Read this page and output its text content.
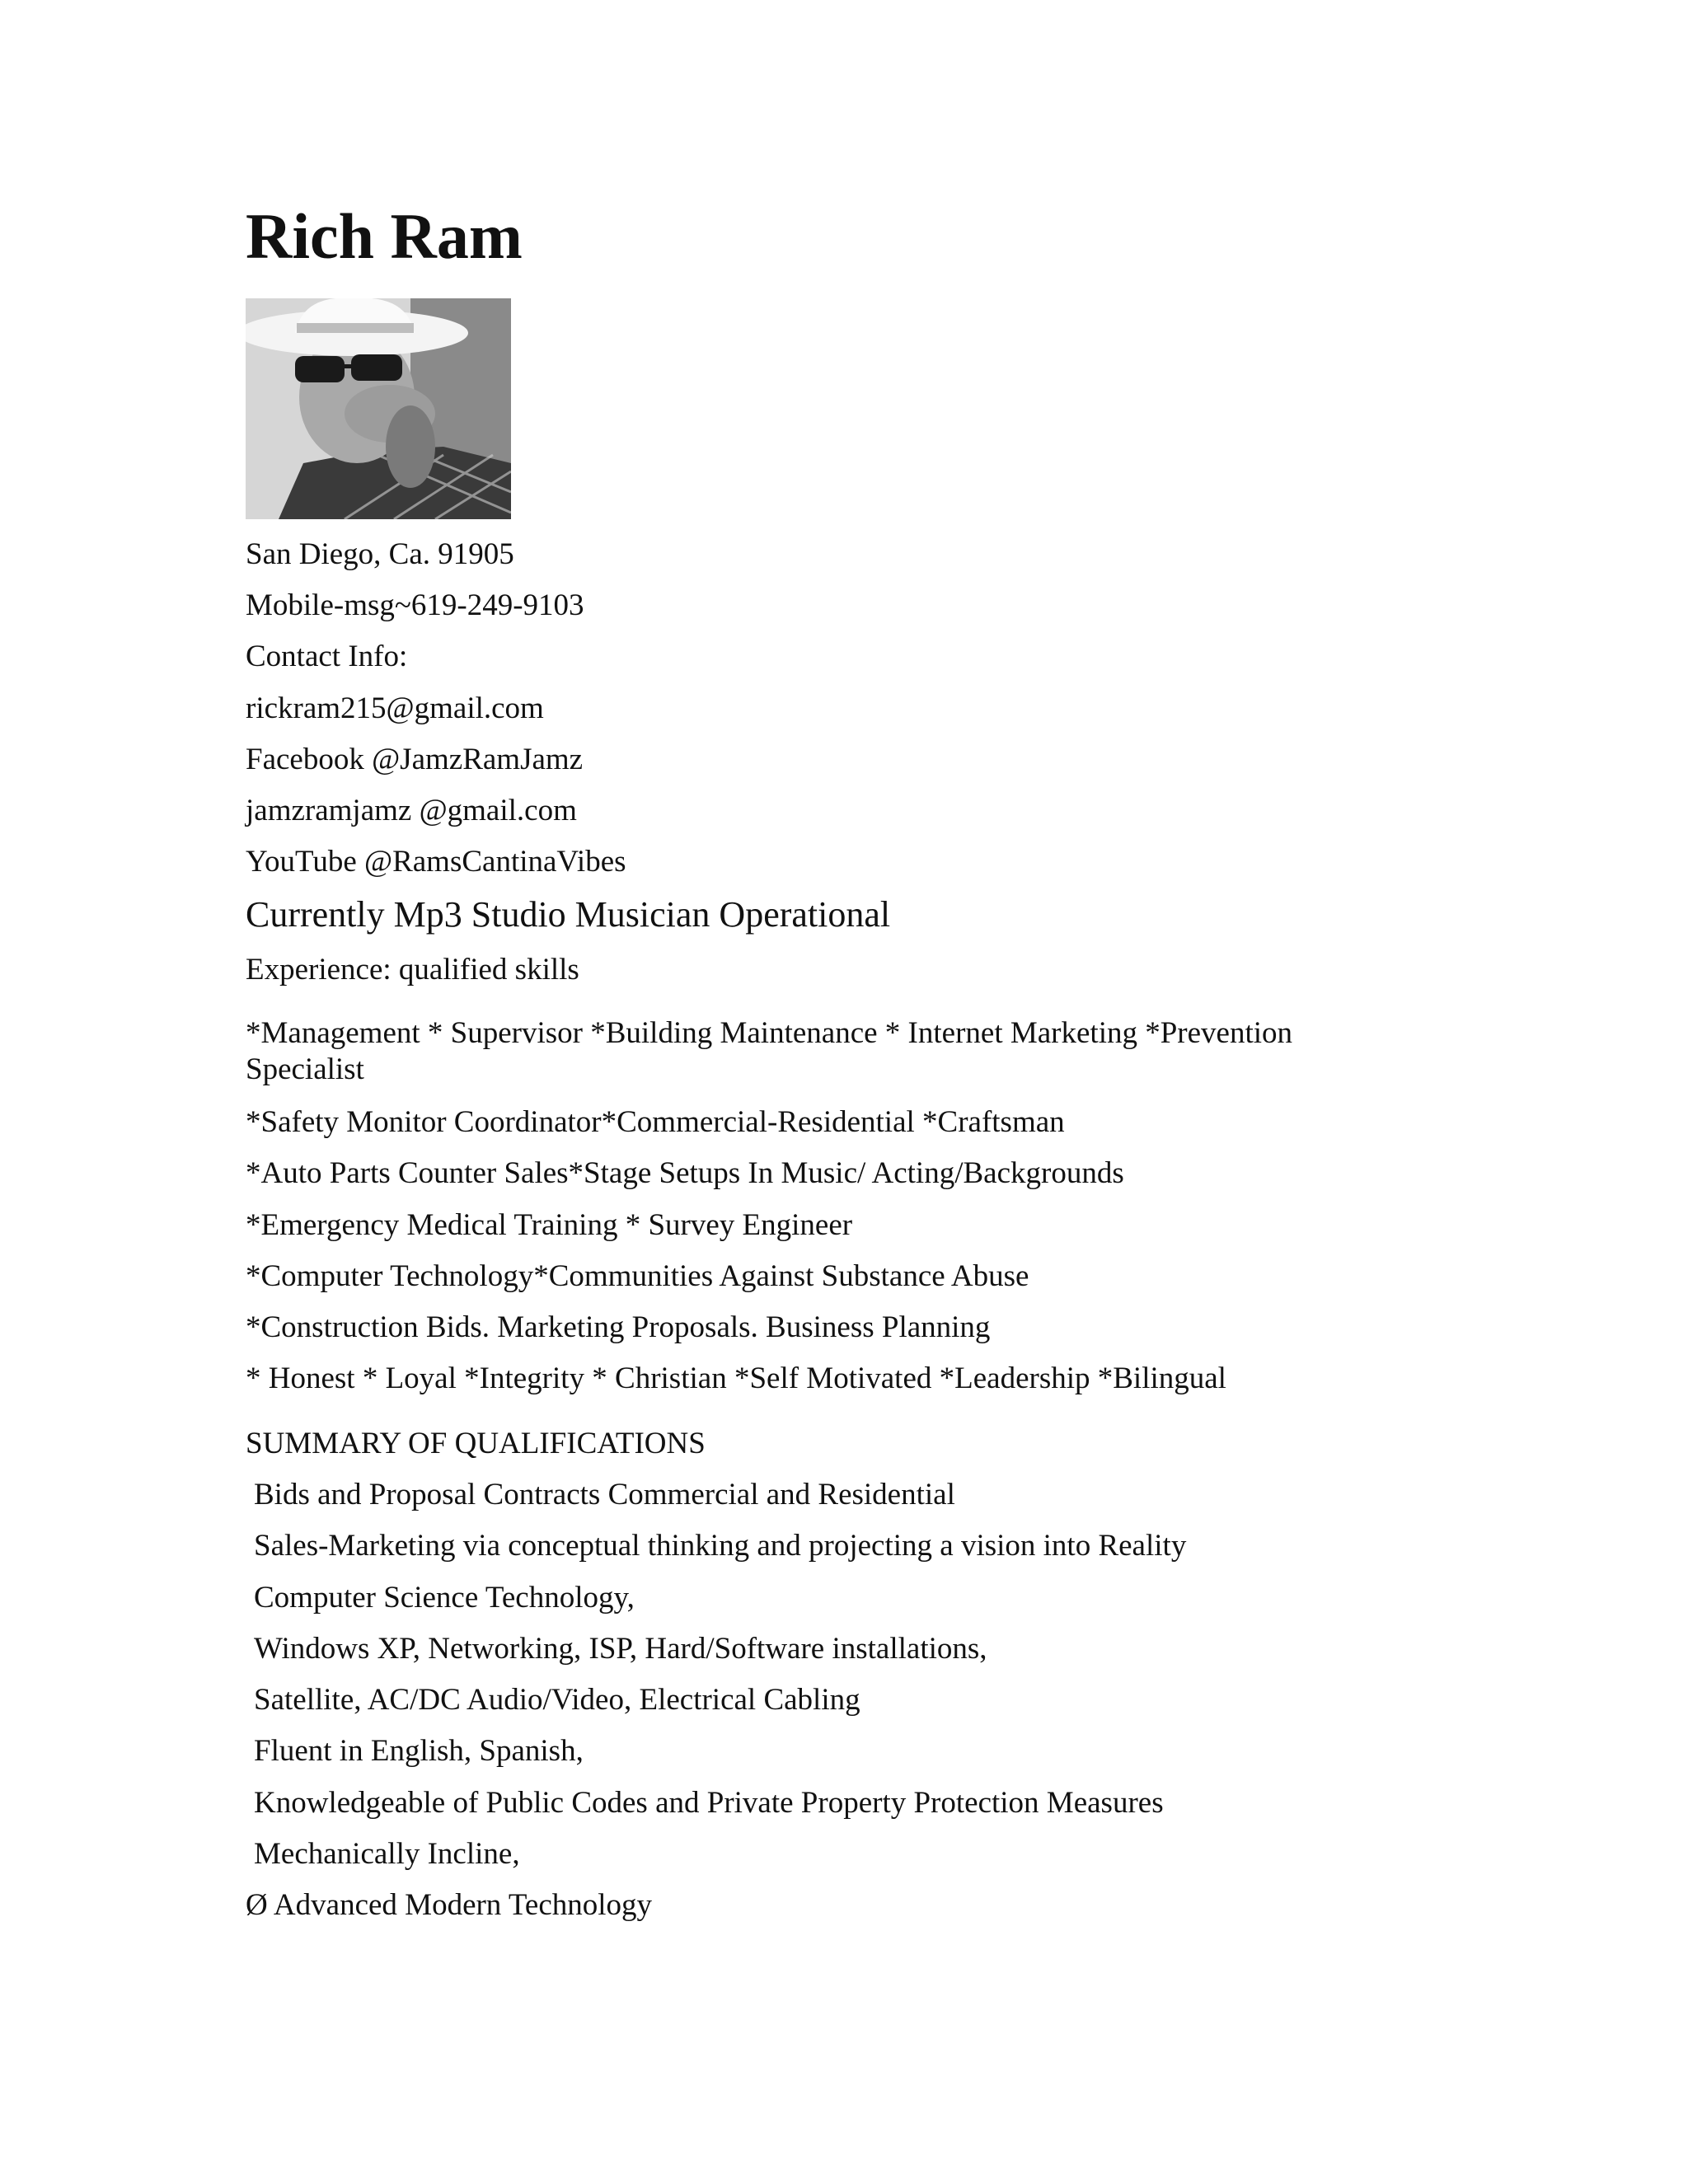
Rich Ram
San Diego, Ca. 91905
Mobile-msg~619-249-9103
Contact Info:
rickram215@gmail.com
Facebook @JamzRamJamz
jamzramjamz @gmail.com
YouTube @RamsCantinaVibes
Currently Mp3 Studio Musician Operational
Experience: qualified skills
*Management * Supervisor *Building Maintenance * Internet Marketing *Prevention Specialist
*Safety Monitor Coordinator*Commercial-Residential *Craftsman
*Auto Parts Counter Sales*Stage Setups In Music/ Acting/Backgrounds
*Emergency Medical Training * Survey Engineer
*Computer Technology*Communities Against Substance Abuse
*Construction Bids. Marketing Proposals. Business Planning
* Honest * Loyal *Integrity * Christian *Self Motivated *Leadership *Bilingual
SUMMARY OF QUALIFICATIONS
Bids and Proposal Contracts Commercial and Residential
Sales-Marketing via conceptual thinking and projecting a vision into Reality
Computer Science Technology,
Windows XP, Networking, ISP, Hard/Software installations,
Satellite, AC/DC Audio/Video, Electrical Cabling
Fluent in English, Spanish,
Knowledgeable of Public Codes and Private Property Protection Measures
Mechanically Incline,
Ø Advanced Modern Technology
